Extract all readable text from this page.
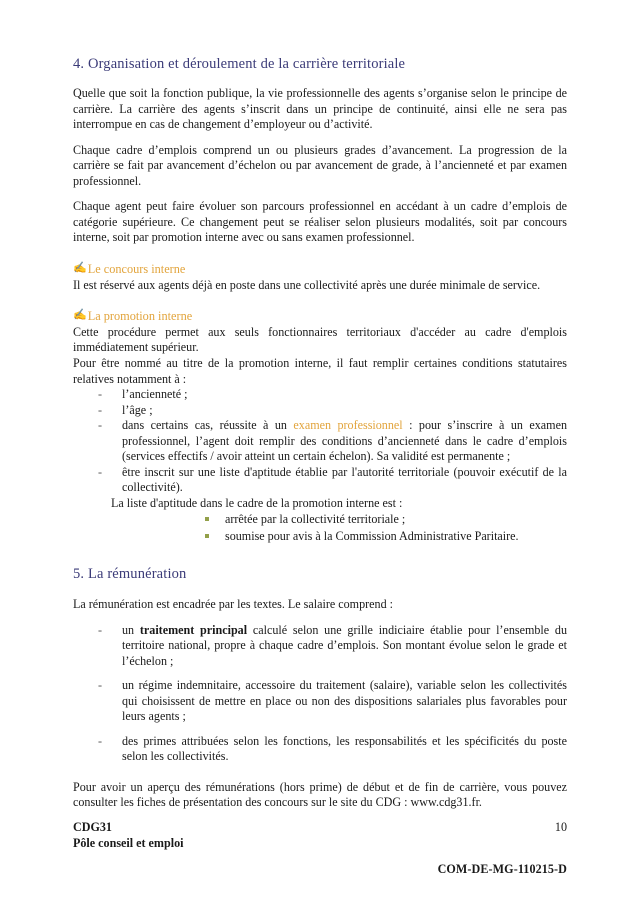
4. Organisation et déroulement de la carrière territoriale

Quelle que soit la fonction publique, la vie professionnelle des agents s’organise selon le principe de carrière. La carrière des agents s’inscrit dans un principe de continuité, ainsi elle ne sera pas interrompue en cas de changement d’employeur ou d’activité.

Chaque cadre d’emplois comprend un ou plusieurs grades d’avancement. La progression de la carrière se fait par avancement d’échelon ou par avancement de grade, à l’ancienneté et par examen professionnel.

Chaque agent peut faire évoluer son parcours professionnel en accédant à un cadre d’emplois de catégorie supérieure. Ce changement peut se réaliser selon plusieurs modalités, soit par concours interne, soit par promotion interne avec ou sans examen professionnel.

✍ Le concours interne

Il est réservé aux agents déjà en poste dans une collectivité après une durée minimale de service.

✍ La promotion interne

Cette procédure permet aux seuls fonctionnaires territoriaux d'accéder au cadre d'emplois immédiatement supérieur.

Pour être nommé au titre de la promotion interne, il faut remplir certaines conditions statutaires relatives notamment à :

- l’ancienneté ;
- l’âge ;
- dans certains cas, réussite à un examen professionnel : pour s’inscrire à un examen professionnel, l’agent doit remplir des conditions d’ancienneté dans le cadre d’emplois (services effectifs / avoir atteint un certain échelon). Sa validité est permanente ;
- être inscrit sur une liste d'aptitude établie par l'autorité territoriale (pouvoir exécutif de la collectivité).

La liste d'aptitude dans le cadre de la promotion interne est :

arrêtée par la collectivité territoriale ;
soumise pour avis à la Commission Administrative Paritaire.
5. La rémunération

La rémunération est encadrée par les textes. Le salaire comprend :

- un traitement principal calculé selon une grille indiciaire établie pour l’ensemble du territoire national, propre à chaque cadre d’emplois. Son montant évolue selon le grade et l’échelon ;
- un régime indemnitaire, accessoire du traitement (salaire), variable selon les collectivités qui choisissent de mettre en place ou non des dispositions salariales plus favorables pour leurs agents ;
- des primes attribuées selon les fonctions, les responsabilités et les spécificités du poste selon les collectivités.

Pour avoir un aperçu des rémunérations (hors prime) de début et de fin de carrière, vous pouvez consulter les fiches de présentation des concours sur le site du CDG : www.cdg31.fr.

CDG31
Pôle conseil et emploi
10
COM-DE-MG-110215-D
